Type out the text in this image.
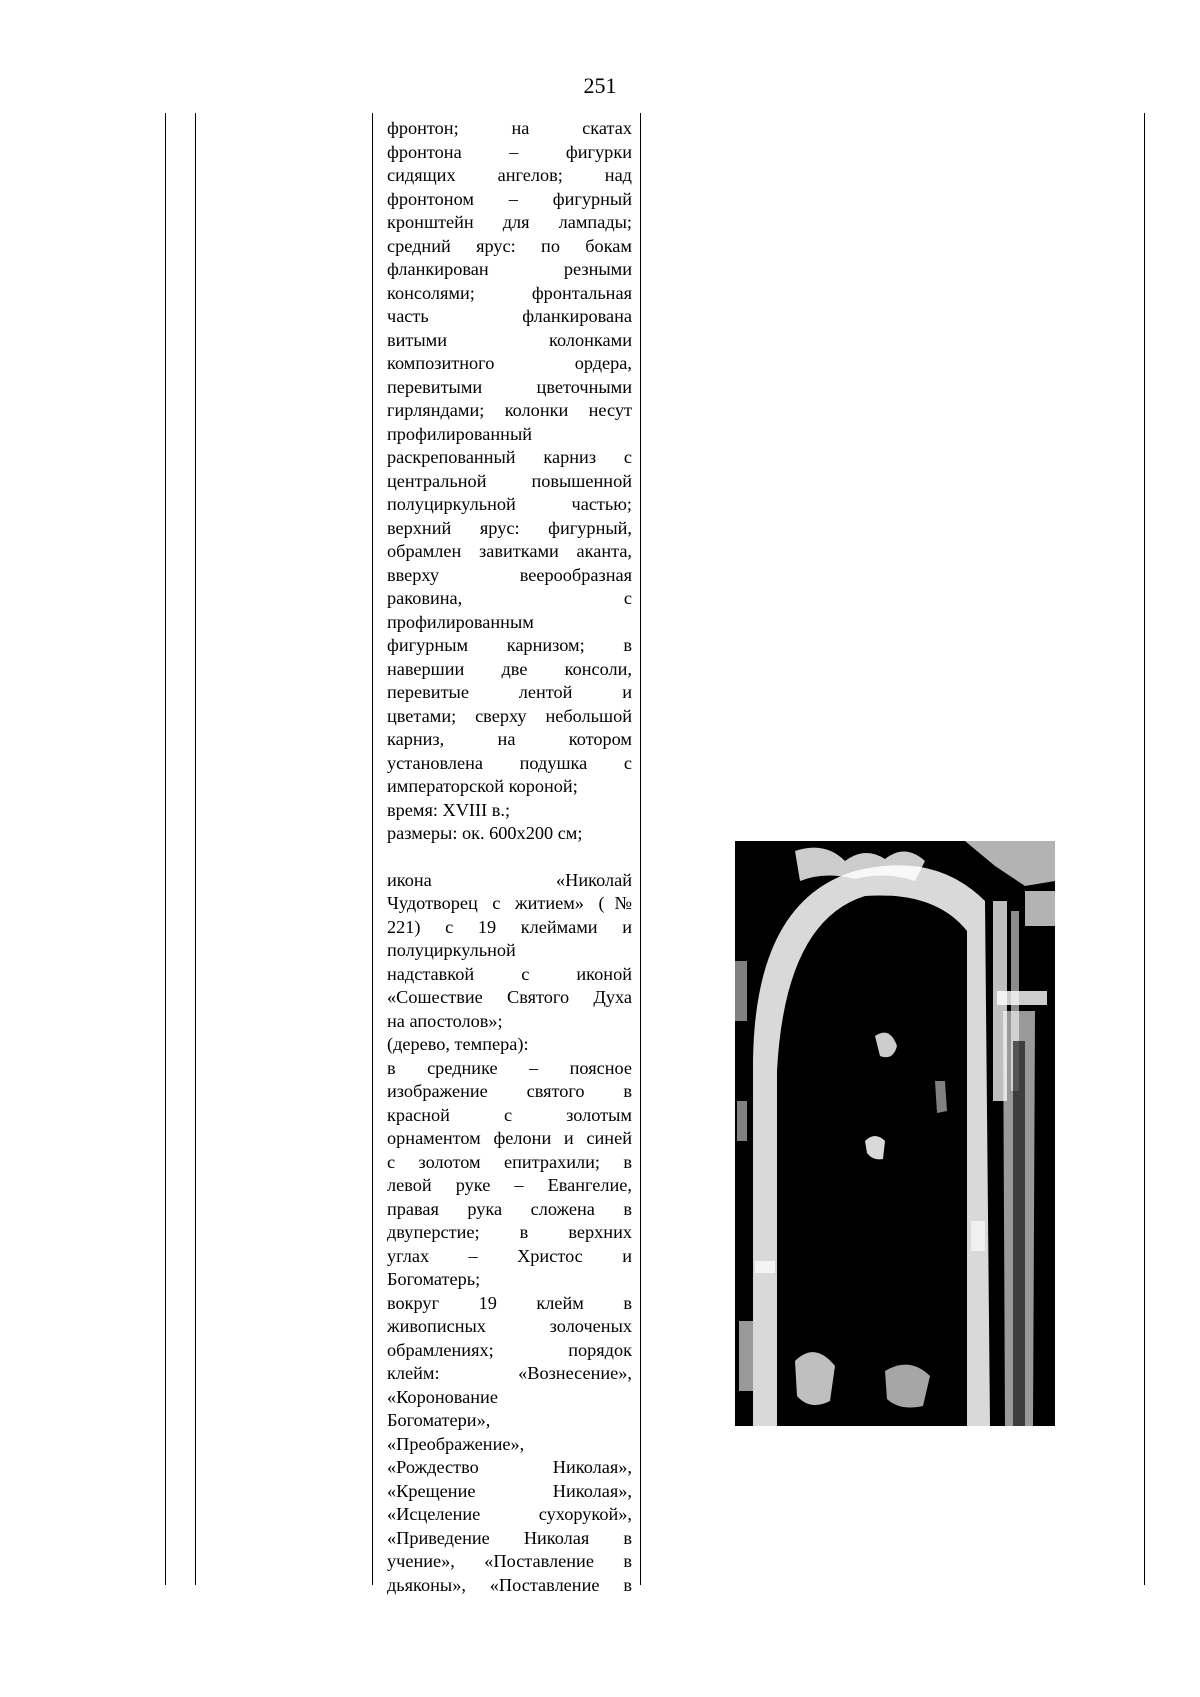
251

фронтон; на скатах

фронтона – фигурки

сидящих ангелов; над

фронтоном – фигурный

кронштейн для лампады;

средний ярус: по бокам

фланкирован резными

консолями; фронтальная

часть фланкирована

витыми колонками

композитного ордера,

перевитыми цветочными

гирляндами; колонки несут

профилированный

раскрепованный карниз с

центральной повышенной

полуциркульной частью;

верхний ярус: фигурный,

обрамлен завитками аканта,

вверху веерообразная

раковина, с

профилированным

фигурным карнизом; в

навершии две консоли,

перевитые лентой и

цветами; сверху небольшой

карниз, на котором

установлена подушка с

императорской короной;

время: XVIII в.;

размеры: ок. 600х200 см;

икона «Николай

Чудотворец с житием» (№

221) с 19 клеймами и

полуциркульной

надставкой с иконой

«Сошествие Святого Духа

на апостолов»;

(дерево, темпера):

в среднике – поясное

изображение святого в

красной с золотым

орнаментом фелони и синей

с золотом епитрахили; в

левой руке – Евангелие,

правая рука сложена в

двуперстие; в верхних

углах – Христос и

Богоматерь;

вокруг 19 клейм в

живописных золоченых

обрамлениях; порядок

клейм: «Вознесение»,

«Коронование

Богоматери»,

«Преображение»,

«Рождество Николая»,

«Крещение Николая»,

«Исцеление сухорукой»,

«Приведение Николая в

учение», «Поставление в

дьяконы», «Поставление в
